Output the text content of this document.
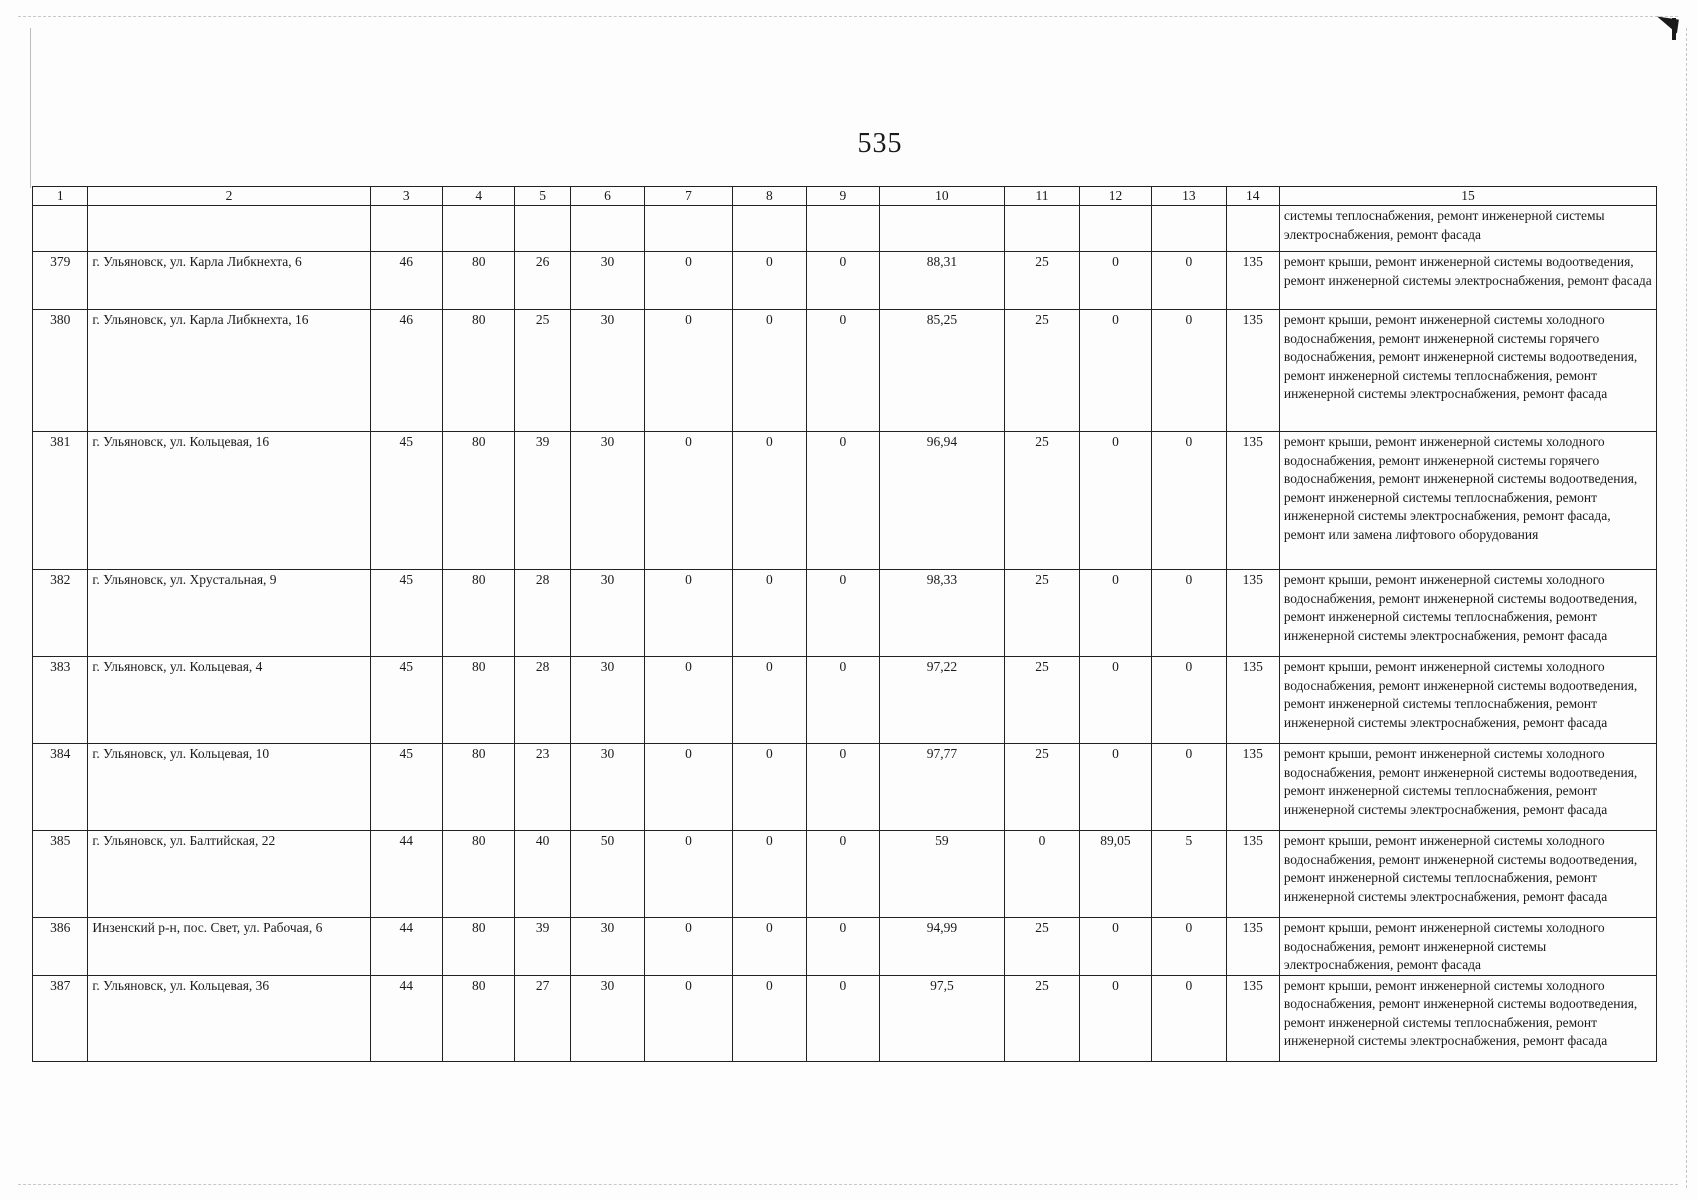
535
1	2	3	4	5	6	7	8	9	10	11	12	13	14	15
														системы теплоснабжения, ремонт инженерной системы электроснабжения, ремонт фасада
379	г. Ульяновск, ул. Карла Либкнехта, 6	46	80	26	30	0	0	0	88,31	25	0	0	135	ремонт крыши, ремонт инженерной системы водоотведения, ремонт инженерной системы электроснабжения, ремонт фасада
380	г. Ульяновск, ул. Карла Либкнехта, 16	46	80	25	30	0	0	0	85,25	25	0	0	135	ремонт крыши, ремонт инженерной системы холодного водоснабжения, ремонт инженерной системы горячего водоснабжения, ремонт инженерной системы водоотведения, ремонт инженерной системы теплоснабжения, ремонт инженерной системы электроснабжения, ремонт фасада
381	г. Ульяновск, ул. Кольцевая, 16	45	80	39	30	0	0	0	96,94	25	0	0	135	ремонт крыши, ремонт инженерной системы холодного водоснабжения, ремонт инженерной системы горячего водоснабжения, ремонт инженерной системы водоотведения, ремонт инженерной системы теплоснабжения, ремонт инженерной системы электроснабжения, ремонт фасада, ремонт или замена лифтового оборудования
382	г. Ульяновск, ул. Хрустальная, 9	45	80	28	30	0	0	0	98,33	25	0	0	135	ремонт крыши, ремонт инженерной системы холодного водоснабжения, ремонт инженерной системы водоотведения, ремонт инженерной системы теплоснабжения, ремонт инженерной системы электроснабжения, ремонт фасада
383	г. Ульяновск, ул. Кольцевая, 4	45	80	28	30	0	0	0	97,22	25	0	0	135	ремонт крыши, ремонт инженерной системы холодного водоснабжения, ремонт инженерной системы водоотведения, ремонт инженерной системы теплоснабжения, ремонт инженерной системы электроснабжения, ремонт фасада
384	г. Ульяновск, ул. Кольцевая, 10	45	80	23	30	0	0	0	97,77	25	0	0	135	ремонт крыши, ремонт инженерной системы холодного водоснабжения, ремонт инженерной системы водоотведения, ремонт инженерной системы теплоснабжения, ремонт инженерной системы электроснабжения, ремонт фасада
385	г. Ульяновск, ул. Балтийская, 22	44	80	40	50	0	0	0	59	0	89,05	5	135	ремонт крыши, ремонт инженерной системы холодного водоснабжения, ремонт инженерной системы водоотведения, ремонт инженерной системы теплоснабжения, ремонт инженерной системы электроснабжения, ремонт фасада
386	Инзенский р-н, пос. Свет, ул. Рабочая, 6	44	80	39	30	0	0	0	94,99	25	0	0	135	ремонт крыши, ремонт инженерной системы холодного водоснабжения, ремонт инженерной системы электроснабжения, ремонт фасада
387	г. Ульяновск, ул. Кольцевая, 36	44	80	27	30	0	0	0	97,5	25	0	0	135	ремонт крыши, ремонт инженерной системы холодного водоснабжения, ремонт инженерной системы водоотведения, ремонт инженерной системы теплоснабжения, ремонт инженерной системы электроснабжения, ремонт фасада
